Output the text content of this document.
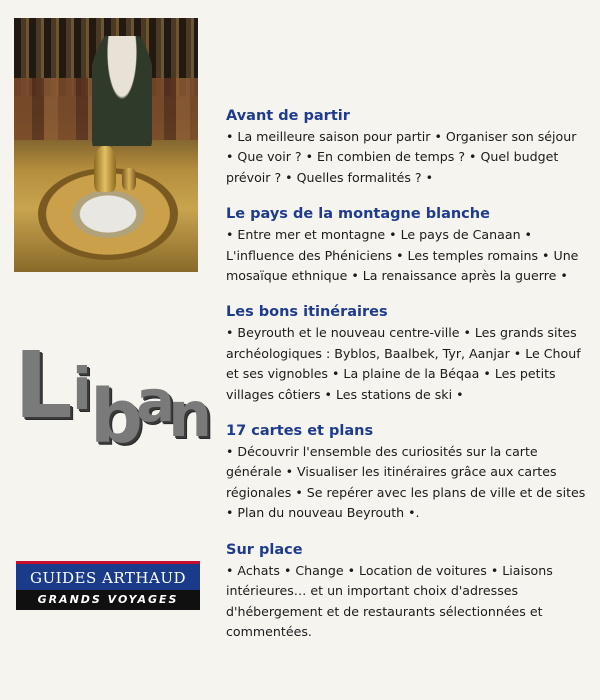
L i
b
a
n
GUIDES ARTHAUD
GRANDS VOYAGES
Avant de partir

• La meilleure saison pour partir • Organiser son séjour • Que voir ? • En combien de temps ? • Quel budget prévoir ? • Quelles formalités ? •

Le pays de la montagne blanche

• Entre mer et montagne • Le pays de Canaan • L'influence des Phéniciens • Les temples romains • Une mosaïque ethnique • La renaissance après la guerre •

Les bons itinéraires

• Beyrouth et le nouveau centre-ville • Les grands sites archéologiques : Byblos, Baalbek, Tyr, Aanjar • Le Chouf et ses vignobles • La plaine de la Béqaa • Les petits villages côtiers • Les stations de ski •

17 cartes et plans

• Découvrir l'ensemble des curiosités sur la carte générale • Visualiser les itinéraires grâce aux cartes régionales • Se repérer avec les plans de ville et de sites • Plan du nouveau Beyrouth •.

Sur place

• Achats • Change • Location de voitures • Liaisons intérieures… et un important choix d'adresses d'hébergement et de restaurants sélectionnées et commentées.
